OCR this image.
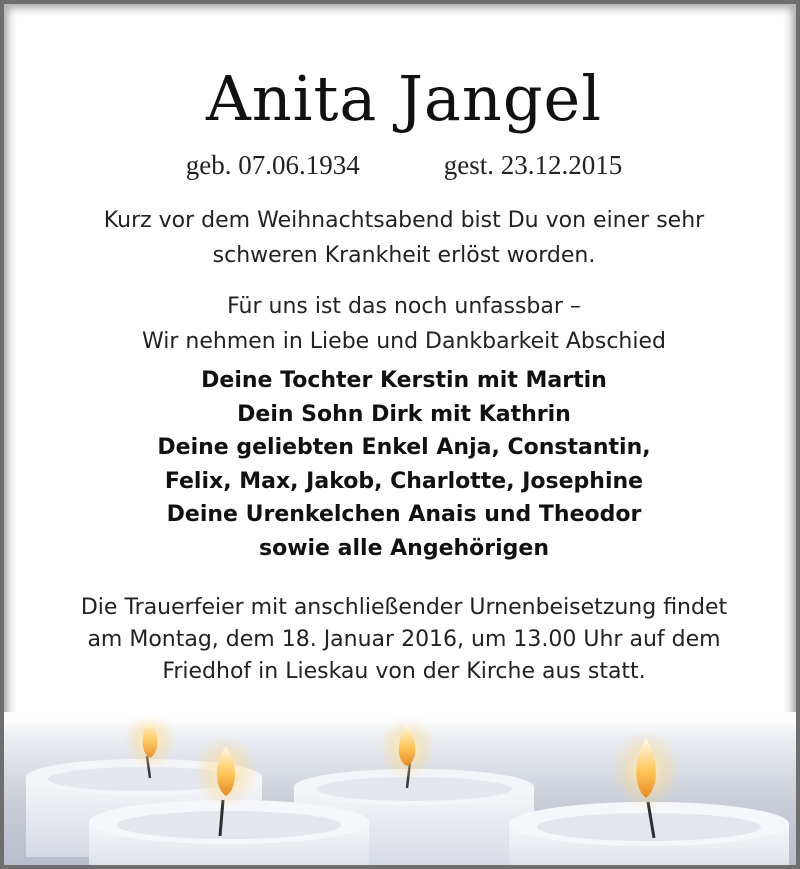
Anita Jangel
geb. 07.06.1934	gest. 23.12.2015
Kurz vor dem Weihnachtsabend bist Du von einer sehr
schweren Krankheit erlöst worden.
Für uns ist das noch unfassbar –
Wir nehmen in Liebe und Dankbarkeit Abschied
Deine Tochter Kerstin mit Martin
Dein Sohn Dirk mit Kathrin
Deine geliebten Enkel Anja, Constantin,
Felix, Max, Jakob, Charlotte, Josephine
Deine Urenkelchen Anais und Theodor
sowie alle Angehörigen
Die Trauerfeier mit anschließender Urnenbeisetzung findet
am Montag, dem 18. Januar 2016, um 13.00 Uhr auf dem
Friedhof in Lieskau von der Kirche aus statt.
